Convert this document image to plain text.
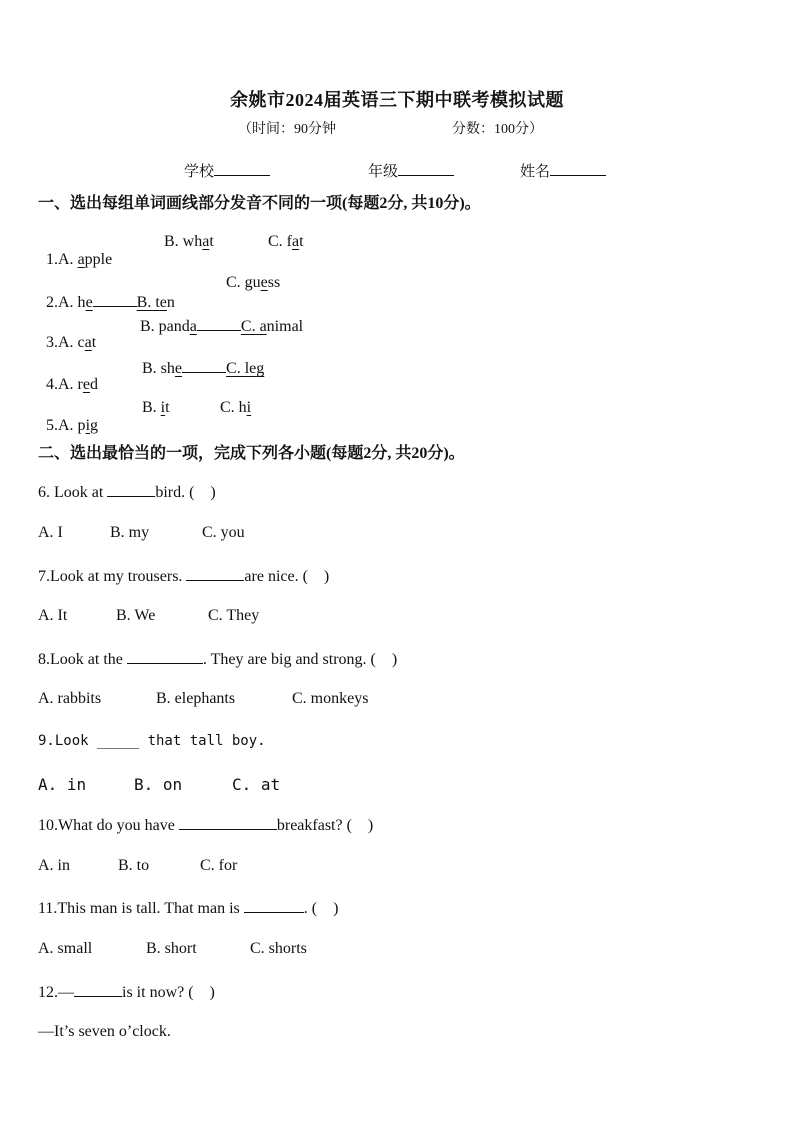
余姚市2024届英语三下期中联考模拟试题
（时间：90分钟	分数：100分）
学校	年级	姓名
一、选出每组单词画线部分发音不同的一项(每题2分, 共10分)。

1.A. apple

B. what	C. fat

2.A. he	B. ten

C. guess

3.A. cat

B. panda	C. animal

4.A. red

B. she	C. leg

5.A. pig

B. it	C. hi
二、选出最恰当的一项，完成下列各小题(每题2分, 共20分)。
6. Look at	bird. (    )
A. I	B. my	C. you
7.Look at my trousers.	are nice. (    )
A. It	B. We	C. They
8.Look at the	. They are big and strong. (    )
A. rabbits	B. elephants	C. monkeys
9.Look _____ that tall boy.
A. in	B. on	C. at
10.What do you have	breakfast? (    )
A. in	B. to	C. for
11.This man is tall. That man is	. (    )
A. small	B. short	C. shorts
12.—	is it now? (    )
—It’s seven o’clock.
